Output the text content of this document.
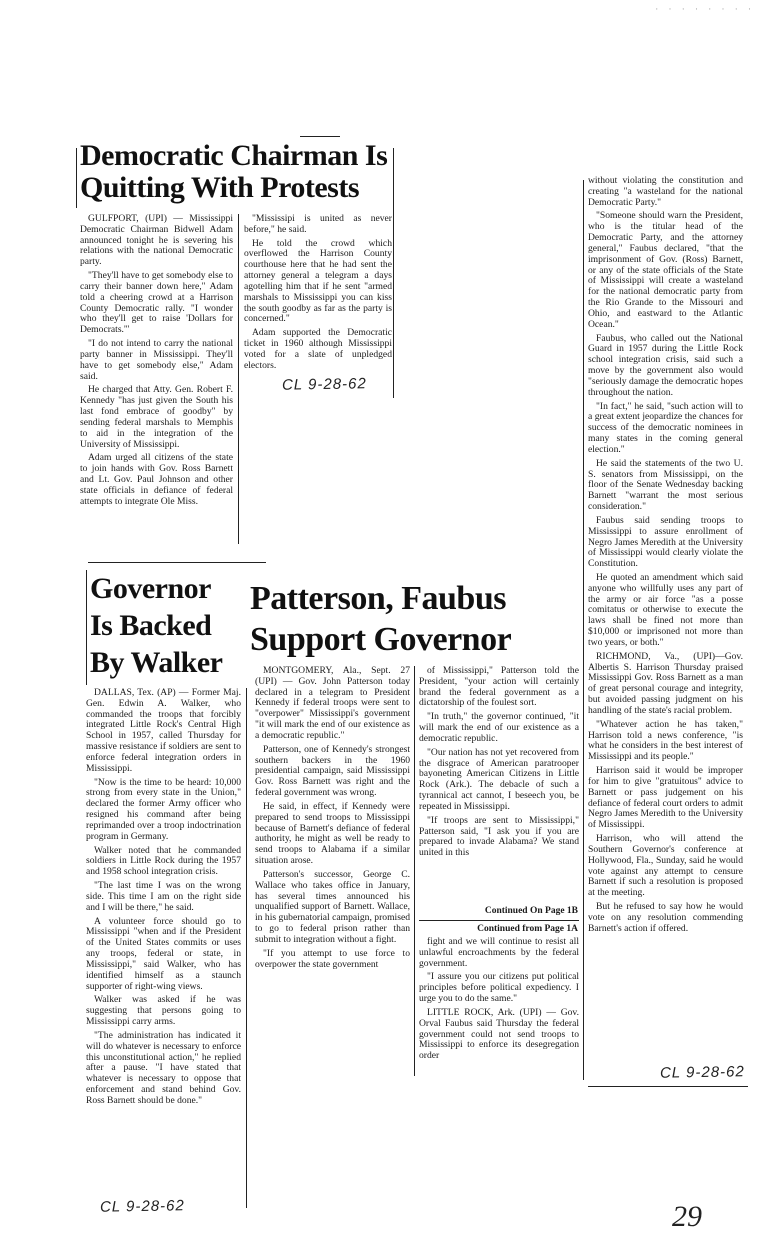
· · · · · · · ·
Democratic Chairman Is
Quitting With Protests

GULFPORT, (UPI) — Mississippi Democratic Chairman Bidwell Adam announced tonight he is severing his relations with the national Democratic party.

"They'll have to get somebody else to carry their banner down here," Adam told a cheering crowd at a Harrison County Democratic rally. "I wonder who they'll get to raise 'Dollars for Democrats.'"

"I do not intend to carry the national party banner in Mississippi. They'll have to get somebody else," Adam said.

He charged that Atty. Gen. Robert F. Kennedy "has just given the South his last fond embrace of goodby" by sending federal marshals to Memphis to aid in the integration of the University of Mississippi.

Adam urged all citizens of the state to join hands with Gov. Ross Barnett and Lt. Gov. Paul Johnson and other state officials in defiance of federal attempts to integrate Ole Miss.

"Mississipi is united as never before," he said.

He told the crowd which overflowed the Harrison County courthouse here that he had sent the attorney general a telegram a days agotelling him that if he sent "armed marshals to Mississippi you can kiss the south goodby as far as the party is concerned."

Adam supported the Democratic ticket in 1960 although Mississippi voted for a slate of unpledged electors.

CL 9-28-62
Governor
Is Backed
By Walker

DALLAS, Tex. (AP) — Former Maj. Gen. Edwin A. Walker, who commanded the troops that forcibly integrated Little Rock's Central High School in 1957, called Thursday for massive resistance if soldiers are sent to enforce federal integration orders in Mississippi.

"Now is the time to be heard: 10,000 strong from every state in the Union," declared the former Army officer who resigned his command after being reprimanded over a troop indoctrination program in Germany.

Walker noted that he commanded soldiers in Little Rock during the 1957 and 1958 school integration crisis.

"The last time I was on the wrong side. This time I am on the right side and I will be there," he said.

A volunteer force should go to Mississippi "when and if the President of the United States commits or uses any troops, federal or state, in Mississippi," said Walker, who has identified himself as a staunch supporter of right-wing views.

Walker was asked if he was suggesting that persons going to Mississippi carry arms.

"The administration has indicated it will do whatever is necessary to enforce this unconstitutional action," he replied after a pause. "I have stated that whatever is necessary to oppose that enforcement and stand behind Gov. Ross Barnett should be done."

CL 9-28-62
Patterson, Faubus
Support Governor

MONTGOMERY, Ala., Sept. 27 (UPI) — Gov. John Patterson today declared in a telegram to President Kennedy if federal troops were sent to "overpower" Mississippi's government "it will mark the end of our existence as a democratic republic."

Patterson, one of Kennedy's strongest southern backers in the 1960 presidential campaign, said Mississippi Gov. Ross Barnett was right and the federal government was wrong.

He said, in effect, if Kennedy were prepared to send troops to Mississippi because of Barnett's defiance of federal authority, he might as well be ready to send troops to Alabama if a similar situation arose.

Patterson's successor, George C. Wallace who takes office in January, has several times announced his unqualified support of Barnett. Wallace, in his gubernatorial campaign, promised to go to federal prison rather than submit to integration without a fight.

"If you attempt to use force to overpower the state government

of Mississippi," Patterson told the President, "your action will certainly brand the federal government as a dictatorship of the foulest sort.

"In truth," the governor continued, "it will mark the end of our existence as a democratic republic.

"Our nation has not yet recovered from the disgrace of American paratrooper bayoneting American Citizens in Little Rock (Ark.). The debacle of such a tyrannical act cannot, I beseech you, be repeated in Mississippi.

"If troops are sent to Mississippi," Patterson said, "I ask you if you are prepared to invade Alabama? We stand united in this

Continued On Page 1B
Continued from Page 1A

fight and we will continue to resist all unlawful encroachments by the federal government.

"I assure you our citizens put political principles before political expediency. I urge you to do the same."

LITTLE ROCK, Ark. (UPI) — Gov. Orval Faubus said Thursday the federal government could not send troops to Mississippi to enforce its desegregation order

without violating the constitution and creating "a wasteland for the national Democratic Party."

"Someone should warn the President, who is the titular head of the Democratic Party, and the attorney general," Faubus declared, "that the imprisonment of Gov. (Ross) Barnett, or any of the state officials of the State of Mississippi will create a wasteland for the national democratic party from the Rio Grande to the Missouri and Ohio, and eastward to the Atlantic Ocean."

Faubus, who called out the National Guard in 1957 during the Little Rock school integration crisis, said such a move by the government also would "seriously damage the democratic hopes throughout the nation.

"In fact," he said, "such action will to a great extent jeopardize the chances for success of the democratic nominees in many states in the coming general election."

He said the statements of the two U. S. senators from Mississippi, on the floor of the Senate Wednesday backing Barnett "warrant the most serious consideration."

Faubus said sending troops to Mississippi to assure enrollment of Negro James Meredith at the University of Mississippi would clearly violate the Constitution.

He quoted an amendment which said anyone who willfully uses any part of the army or air force "as a posse comitatus or otherwise to execute the laws shall be fined not more than $10,000 or imprisoned not more than two years, or both."

RICHMOND, Va., (UPI)—Gov. Albertis S. Harrison Thursday praised Mississippi Gov. Ross Barnett as a man of great personal courage and integrity, but avoided passing judgment on his handling of the state's racial problem.

"Whatever action he has taken," Harrison told a news conference, "is what he considers in the best interest of Mississippi and its people."

Harrison said it would be improper for him to give "gratuitous" advice to Barnett or pass judgement on his defiance of federal court orders to admit Negro James Meredith to the University of Mississippi.

Harrison, who will attend the Southern Governor's conference at Hollywood, Fla., Sunday, said he would vote against any attempt to censure Barnett if such a resolution is proposed at the meeting.

But he refused to say how he would vote on any resolution commending Barnett's action if offered.

CL 9-28-62
29
